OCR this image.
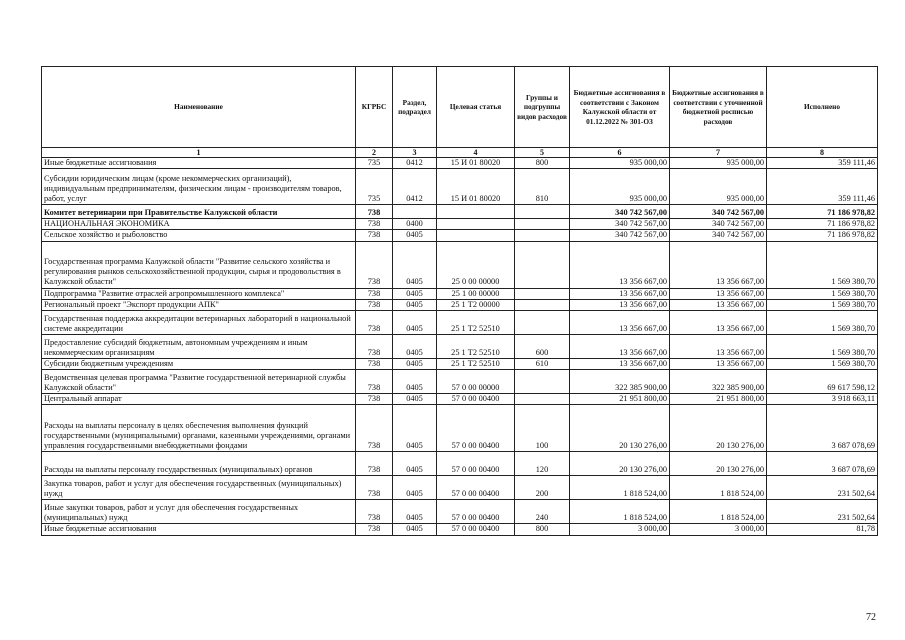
Наименование	КГРБС	Раздел, подраздел	Целевая статья	Группы и подгруппы видов расходов	Бюджетные ассигнования в соответствии с Законом Калужской области от 01.12.2022 № 301-ОЗ	Бюджетные ассигнования в соответствии с уточненной бюджетной росписью расходов	Исполнено
1	2	3	4	5	6	7	8
Иные бюджетные ассигнования	735	0412	15 И 01 80020	800	935 000,00	935 000,00	359 111,46
Субсидии юридическим лицам (кроме некоммерческих организаций), индивидуальным предпринимателям, физическим лицам - производителям товаров, работ, услуг	735	0412	15 И 01 80020	810	935 000,00	935 000,00	359 111,46
Комитет ветеринарии при Правительстве Калужской области	738				340 742 567,00	340 742 567,00	71 186 978,82
НАЦИОНАЛЬНАЯ ЭКОНОМИКА	738	0400			340 742 567,00	340 742 567,00	71 186 978,82
Сельское хозяйство и рыболовство	738	0405			340 742 567,00	340 742 567,00	71 186 978,82
Государственная программа Калужской области "Развитие сельского хозяйства и регулирования рынков сельскохозяйственной продукции, сырья и продовольствия в Калужской области"	738	0405	25 0 00 00000		13 356 667,00	13 356 667,00	1 569 380,70
Подпрограмма "Развитие отраслей агропромышленного комплекса"	738	0405	25 1 00 00000		13 356 667,00	13 356 667,00	1 569 380,70
Региональный проект "Экспорт продукции АПК"	738	0405	25 1 Т2 00000		13 356 667,00	13 356 667,00	1 569 380,70
Государственная поддержка аккредитации ветеринарных лабораторий в национальной системе аккредитации	738	0405	25 1 Т2 52510		13 356 667,00	13 356 667,00	1 569 380,70
Предоставление субсидий бюджетным, автономным учреждениям и иным некоммерческим организациям	738	0405	25 1 Т2 52510	600	13 356 667,00	13 356 667,00	1 569 380,70
Субсидии бюджетным учреждениям	738	0405	25 1 Т2 52510	610	13 356 667,00	13 356 667,00	1 569 380,70
Ведомственная целевая программа "Развитие государственной ветеринарной службы Калужской области"	738	0405	57 0 00 00000		322 385 900,00	322 385 900,00	69 617 598,12
Центральный аппарат	738	0405	57 0 00 00400		21 951 800,00	21 951 800,00	3 918 663,11
Расходы на выплаты персоналу в целях обеспечения выполнения функций государственными (муниципальными) органами, казенными учреждениями, органами управления государственными внебюджетными фондами	738	0405	57 0 00 00400	100	20 130 276,00	20 130 276,00	3 687 078,69
Расходы на выплаты персоналу государственных (муниципальных) органов	738	0405	57 0 00 00400	120	20 130 276,00	20 130 276,00	3 687 078,69
Закупка товаров, работ и услуг для обеспечения государственных (муниципальных) нужд	738	0405	57 0 00 00400	200	1 818 524,00	1 818 524,00	231 502,64
Иные закупки товаров, работ и услуг для обеспечения государственных (муниципальных) нужд	738	0405	57 0 00 00400	240	1 818 524,00	1 818 524,00	231 502,64
Иные бюджетные ассигнования	738	0405	57 0 00 00400	800	3 000,00	3 000,00	81,78
72
